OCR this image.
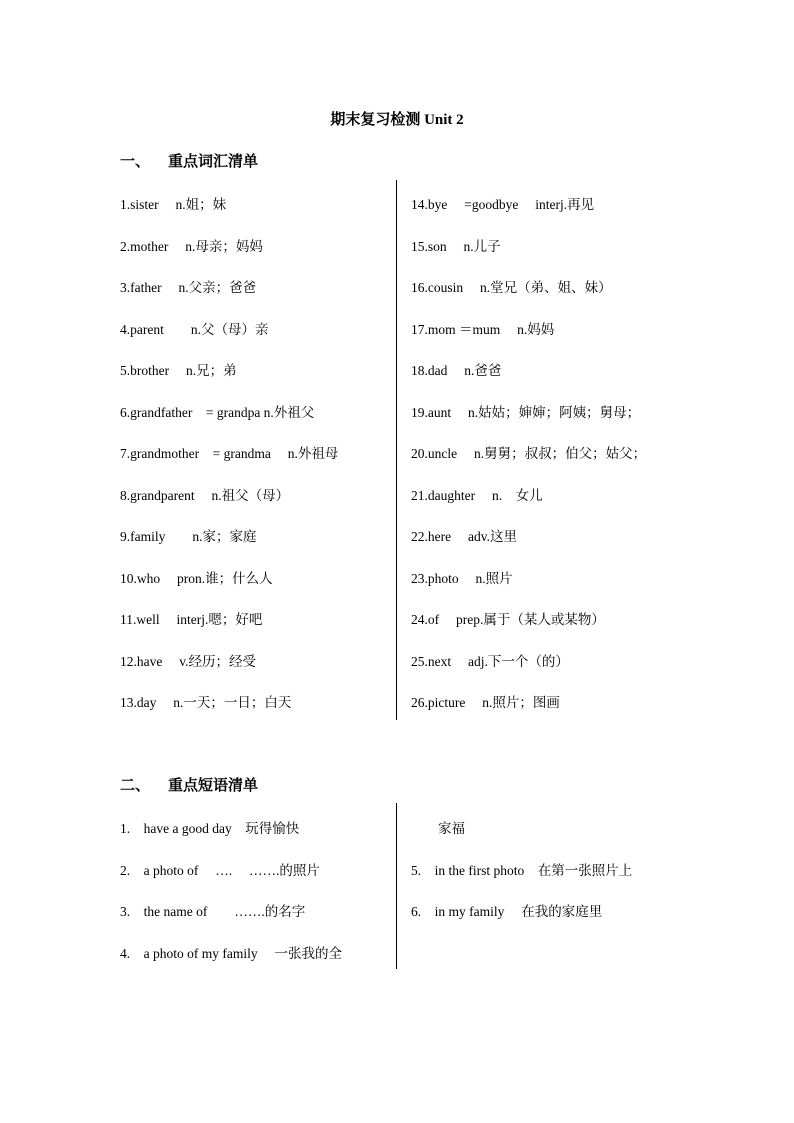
期末复习检测 Unit 2
一、 重点词汇清单
1.sister　 n.姐；妹
2.mother　 n.母亲；妈妈
3.father　 n.父亲；爸爸
4.parent　　n.父（母）亲
5.brother　 n.兄；弟
6.grandfather　= grandpa n.外祖父
7.grandmother　= grandma　 n.外祖母
8.grandparent　 n.祖父（母）
9.family　　n.家；家庭
10.who　 pron.谁；什么人
11.well　 interj.嗯；好吧
12.have　 v.经历；经受
13.day　 n.一天；一日；白天
14.bye　 =goodbye　 interj.再见
15.son　 n.儿子
16.cousin　 n.堂兄（弟、姐、妹）
17.mom ＝mum　 n.妈妈
18.dad　 n.爸爸
19.aunt　 n.姑姑；婶婶；阿姨；舅母；
20.uncle　 n.舅舅；叔叔；伯父；姑父；
21.daughter　 n.　女儿
22.here　 adv.这里
23.photo　 n.照片
24.of　 prep.属于（某人或某物）
25.next　 adj.下一个（的）
26.picture　 n.照片；图画
二、 重点短语清单
1.　have a good day　玩得愉快
2.　a photo of　 ….　 …….的照片
3.　the name of　　…….的名字
4.　a photo of my family　 一张我的全
　　家福
5.　in the first photo　在第一张照片上
6.　in my family　 在我的家庭里
